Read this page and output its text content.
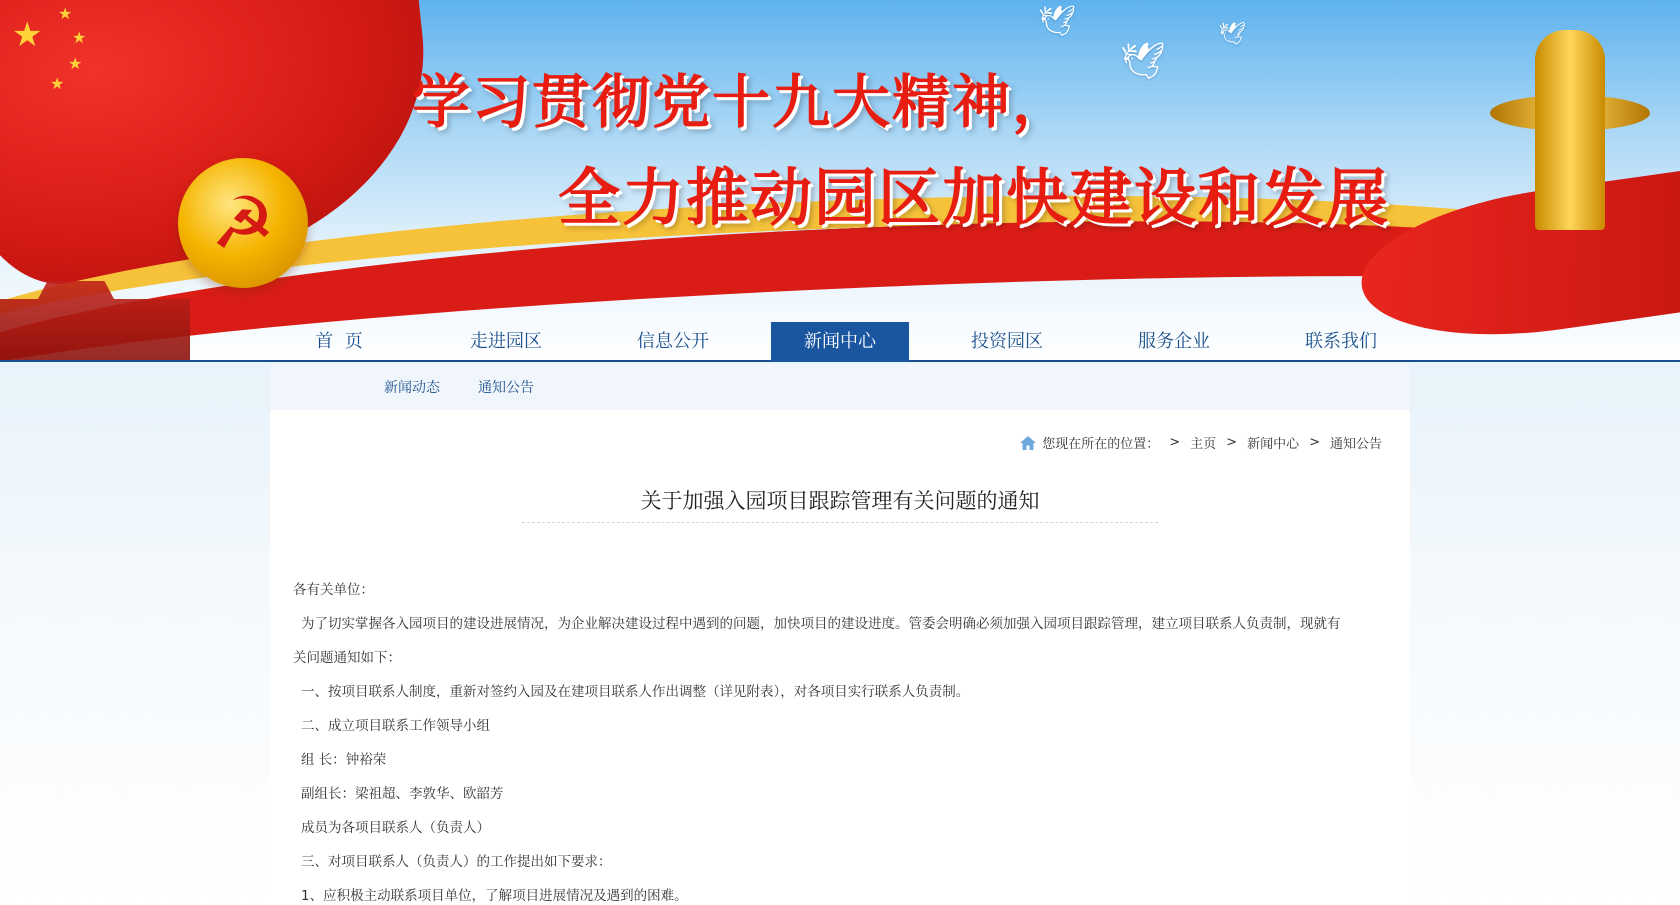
★
★
★
★
★
☭
🕊
🕊
🕊
学习贯彻党十九大精神，
全力推动园区加快建设和发展
首  页	走进园区	信息公开	新闻中心	投资园区	服务企业	联系我们
新闻动态	通知公告
您现在所在的位置： > 主页 > 新闻中心 > 通知公告
关于加强入园项目跟踪管理有关问题的通知

各有关单位：

为了切实掌握各入园项目的建设进展情况，为企业解决建设过程中遇到的问题，加快项目的建设进度。管委会明确必须加强入园项目跟踪管理，建立项目联系人负责制，现就有

关问题通知如下：

一、按项目联系人制度，重新对签约入园及在建项目联系人作出调整（详见附表），对各项目实行联系人负责制。

二、成立项目联系工作领导小组

组 长：钟裕荣

副组长：梁祖超、李敦华、欧韶芳

成员为各项目联系人（负责人）

三、对项目联系人（负责人）的工作提出如下要求：

1、应积极主动联系项目单位，了解项目进展情况及遇到的困难。
